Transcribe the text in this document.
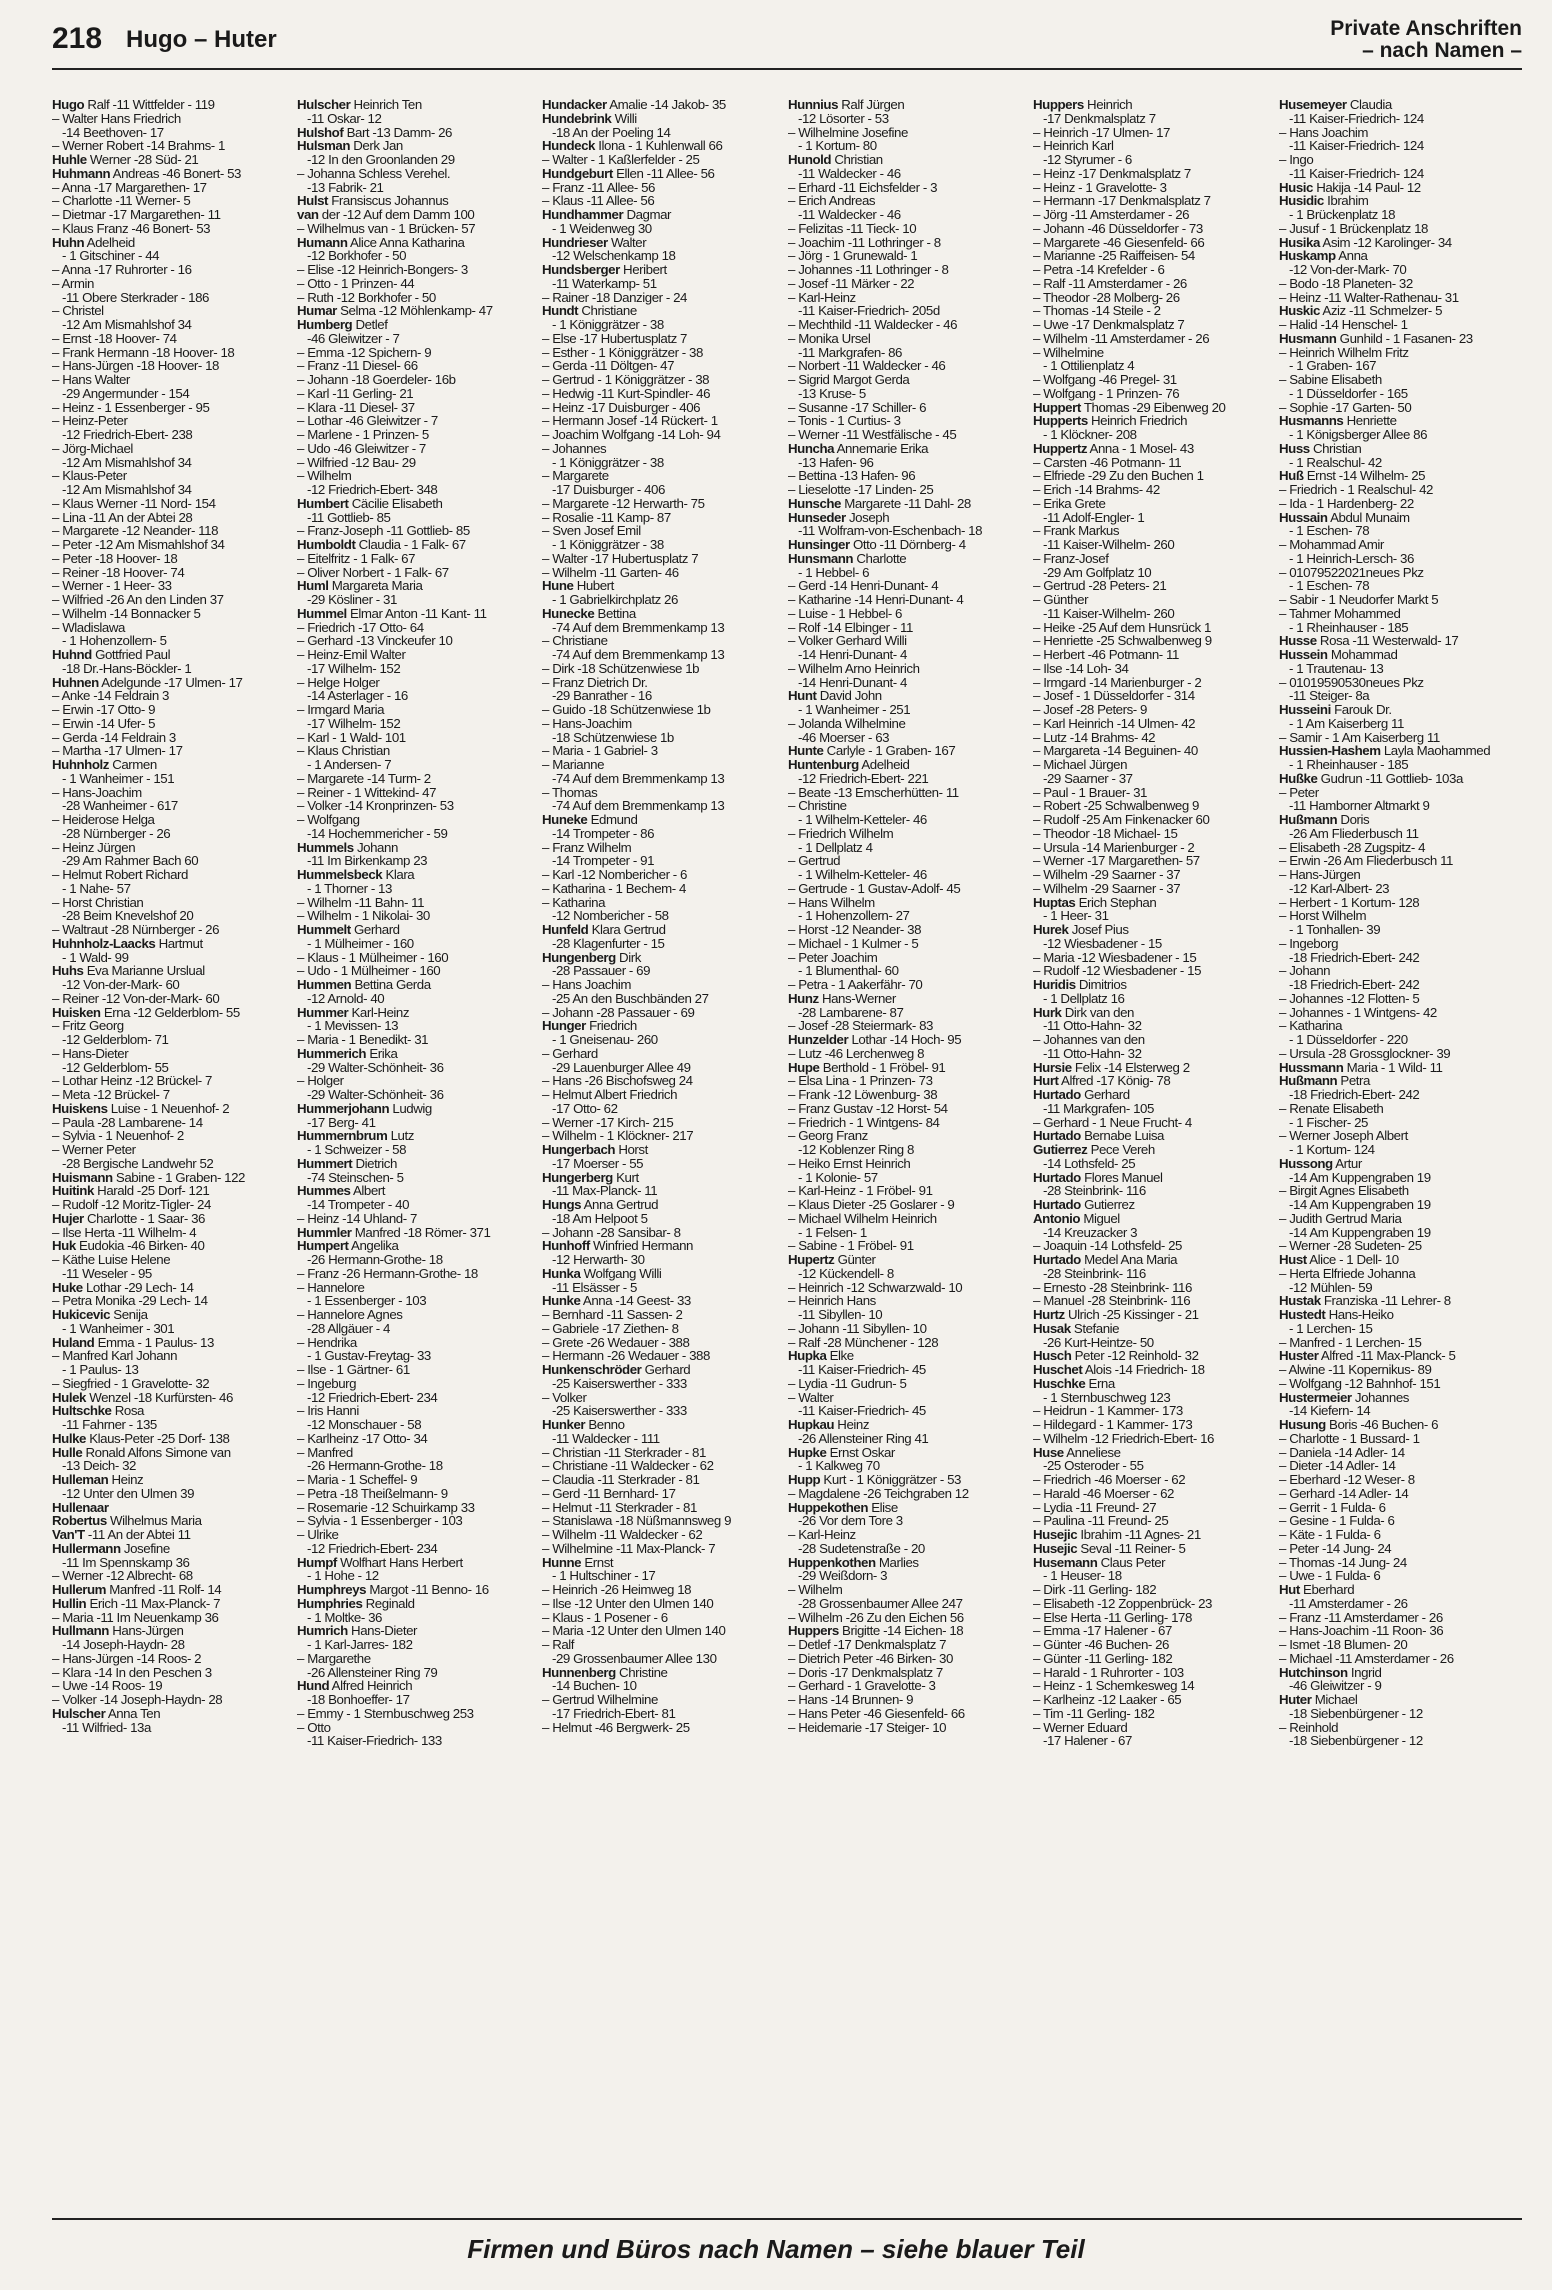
218 Hugo – Huter	Private Anschriften
– nach Namen –
Hugo Ralf -11 Wittfelder - 119
– Walter Hans Friedrich
-14 Beethoven- 17
– Werner Robert -14 Brahms- 1
Huhle Werner -28 Süd- 21
Huhmann Andreas -46 Bonert- 53
– Anna -17 Margarethen- 17
– Charlotte -11 Werner- 5
– Dietmar -17 Margarethen- 11
– Klaus Franz -46 Bonert- 53
Huhn Adelheid
- 1 Gitschiner - 44
– Anna -17 Ruhrorter - 16
– Armin
-11 Obere Sterkrader - 186
– Christel
-12 Am Mismahlshof 34
– Ernst -18 Hoover- 74
– Frank Hermann -18 Hoover- 18
– Hans-Jürgen -18 Hoover- 18
– Hans Walter
-29 Angermunder - 154
– Heinz - 1 Essenberger - 95
– Heinz-Peter
-12 Friedrich-Ebert- 238
– Jörg-Michael
-12 Am Mismahlshof 34
– Klaus-Peter
-12 Am Mismahlshof 34
– Klaus Werner -11 Nord- 154
– Lina -11 An der Abtei 28
– Margarete -12 Neander- 118
– Peter -12 Am Mismahlshof 34
– Peter -18 Hoover- 18
– Reiner -18 Hoover- 74
– Werner - 1 Heer- 33
– Wilfried -26 An den Linden 37
– Wilhelm -14 Bonnacker 5
– Wladislawa
- 1 Hohenzollern- 5
Huhnd Gottfried Paul
-18 Dr.-Hans-Böckler- 1
Huhnen Adelgunde -17 Ulmen- 17
– Anke -14 Feldrain 3
– Erwin -17 Otto- 9
– Erwin -14 Ufer- 5
– Gerda -14 Feldrain 3
– Martha -17 Ulmen- 17
Huhnholz Carmen
- 1 Wanheimer - 151
– Hans-Joachim
-28 Wanheimer - 617
– Heiderose Helga
-28 Nürnberger - 26
– Heinz Jürgen
-29 Am Rahmer Bach 60
– Helmut Robert Richard
- 1 Nahe- 57
– Horst Christian
-28 Beim Knevelshof 20
– Waltraut -28 Nürnberger - 26
Huhnholz-Laacks Hartmut
- 1 Wald- 99
Huhs Eva Marianne Urslual
-12 Von-der-Mark- 60
– Reiner -12 Von-der-Mark- 60
Huisken Erna -12 Gelderblom- 55
– Fritz Georg
-12 Gelderblom- 71
– Hans-Dieter
-12 Gelderblom- 55
– Lothar Heinz -12 Brückel- 7
– Meta -12 Brückel- 7
Huiskens Luise - 1 Neuenhof- 2
– Paula -28 Lambarene- 14
– Sylvia - 1 Neuenhof- 2
– Werner Peter
-28 Bergische Landwehr 52
Huismann Sabine - 1 Graben- 122
Huitink Harald -25 Dorf- 121
– Rudolf -12 Moritz-Tigler- 24
Hujer Charlotte - 1 Saar- 36
– Ilse Herta -11 Wilhelm- 4
Huk Eudokia -46 Birken- 40
– Käthe Luise Helene
-11 Weseler - 95
Huke Lothar -29 Lech- 14
– Petra Monika -29 Lech- 14
Hukicevic Senija
- 1 Wanheimer - 301
Huland Emma - 1 Paulus- 13
– Manfred Karl Johann
- 1 Paulus- 13
– Siegfried - 1 Gravelotte- 32
Hulek Wenzel -18 Kurfürsten- 46
Hultschke Rosa
-11 Fahrner - 135
Hulke Klaus-Peter -25 Dorf- 138
Hulle Ronald Alfons Simone van
-13 Deich- 32
Hulleman Heinz
-12 Unter den Ulmen 39
Hullenaar
Robertus Wilhelmus Maria
Van'T -11 An der Abtei 11
Hullermann Josefine
-11 Im Spennskamp 36
– Werner -12 Albrecht- 68
Hullerum Manfred -11 Rolf- 14
Hullin Erich -11 Max-Planck- 7
– Maria -11 Im Neuenkamp 36
Hullmann Hans-Jürgen
-14 Joseph-Haydn- 28
– Hans-Jürgen -14 Roos- 2
– Klara -14 In den Peschen 3
– Uwe -14 Roos- 19
– Volker -14 Joseph-Haydn- 28
Hulscher Anna Ten
-11 Wilfried- 13a
Hulscher Heinrich Ten
-11 Oskar- 12
Hulshof Bart -13 Damm- 26
Hulsman Derk Jan
-12 In den Groonlanden 29
– Johanna Schless Verehel.
-13 Fabrik- 21
Hulst Fransiscus Johannus
van der -12 Auf dem Damm 100
– Wilhelmus van - 1 Brücken- 57
Humann Alice Anna Katharina
-12 Borkhofer - 50
– Elise -12 Heinrich-Bongers- 3
– Otto - 1 Prinzen- 44
– Ruth -12 Borkhofer - 50
Humar Selma -12 Möhlenkamp- 47
Humberg Detlef
-46 Gleiwitzer - 7
– Emma -12 Spichern- 9
– Franz -11 Diesel- 66
– Johann -18 Goerdeler- 16b
– Karl -11 Gerling- 21
– Klara -11 Diesel- 37
– Lothar -46 Gleiwitzer - 7
– Marlene - 1 Prinzen- 5
– Udo -46 Gleiwitzer - 7
– Wilfried -12 Bau- 29
– Wilhelm
-12 Friedrich-Ebert- 348
Humbert Cäcilie Elisabeth
-11 Gottlieb- 85
– Franz-Joseph -11 Gottlieb- 85
Humboldt Claudia - 1 Falk- 67
– Eitelfritz - 1 Falk- 67
– Oliver Norbert - 1 Falk- 67
Huml Margareta Maria
-29 Kösliner - 31
Hummel Elmar Anton -11 Kant- 11
– Friedrich -17 Otto- 64
– Gerhard -13 Vinckeufer 10
– Heinz-Emil Walter
-17 Wilhelm- 152
– Helge Holger
-14 Asterlager - 16
– Irmgard Maria
-17 Wilhelm- 152
– Karl - 1 Wald- 101
– Klaus Christian
- 1 Andersen- 7
– Margarete -14 Turm- 2
– Reiner - 1 Wittekind- 47
– Volker -14 Kronprinzen- 53
– Wolfgang
-14 Hochemmericher - 59
Hummels Johann
-11 Im Birkenkamp 23
Hummelsbeck Klara
- 1 Thorner - 13
– Wilhelm -11 Bahn- 11
– Wilhelm - 1 Nikolai- 30
Hummelt Gerhard
- 1 Mülheimer - 160
– Klaus - 1 Mülheimer - 160
– Udo - 1 Mülheimer - 160
Hummen Bettina Gerda
-12 Arnold- 40
Hummer Karl-Heinz
- 1 Mevissen- 13
– Maria - 1 Benedikt- 31
Hummerich Erika
-29 Walter-Schönheit- 36
– Holger
-29 Walter-Schönheit- 36
Hummerjohann Ludwig
-17 Berg- 41
Hummernbrum Lutz
- 1 Schweizer - 58
Hummert Dietrich
-74 Steinschen- 5
Hummes Albert
-14 Trompeter - 40
– Heinz -14 Uhland- 7
Hummler Manfred -18 Römer- 371
Humpert Angelika
-26 Hermann-Grothe- 18
– Franz -26 Hermann-Grothe- 18
– Hannelore
- 1 Essenberger - 103
– Hannelore Agnes
-28 Allgäuer - 4
– Hendrika
- 1 Gustav-Freytag- 33
– Ilse - 1 Gärtner- 61
– Ingeburg
-12 Friedrich-Ebert- 234
– Iris Hanni
-12 Monschauer - 58
– Karlheinz -17 Otto- 34
– Manfred
-26 Hermann-Grothe- 18
– Maria - 1 Scheffel- 9
– Petra -18 Theißelmann- 9
– Rosemarie -12 Schuirkamp 33
– Sylvia - 1 Essenberger - 103
– Ulrike
-12 Friedrich-Ebert- 234
Humpf Wolfhart Hans Herbert
- 1 Hohe - 12
Humphreys Margot -11 Benno- 16
Humphries Reginald
- 1 Moltke- 36
Humrich Hans-Dieter
- 1 Karl-Jarres- 182
– Margarethe
-26 Allensteiner Ring 79
Hund Alfred Heinrich
-18 Bonhoeffer- 17
– Emmy - 1 Sternbuschweg 253
– Otto
-11 Kaiser-Friedrich- 133
Hundacker Amalie -14 Jakob- 35
Hundebrink Willi
-18 An der Poeling 14
Hundeck Ilona - 1 Kuhlenwall 66
– Walter - 1 Kaßlerfelder - 25
Hundgeburt Ellen -11 Allee- 56
– Franz -11 Allee- 56
– Klaus -11 Allee- 56
Hundhammer Dagmar
- 1 Weidenweg 30
Hundrieser Walter
-12 Welschenkamp 18
Hundsberger Heribert
-11 Waterkamp- 51
– Rainer -18 Danziger - 24
Hundt Christiane
- 1 Königgrätzer - 38
– Else -17 Hubertusplatz 7
– Esther - 1 Königgrätzer - 38
– Gerda -11 Döltgen- 47
– Gertrud - 1 Königgrätzer - 38
– Hedwig -11 Kurt-Spindler- 46
– Heinz -17 Duisburger - 406
– Hermann Josef -14 Rückert- 1
– Joachim Wolfgang -14 Loh- 94
– Johannes
- 1 Königgrätzer - 38
– Margarete
-17 Duisburger - 406
– Margarete -12 Herwarth- 75
– Rosalie -11 Kamp- 87
– Sven Josef Emil
- 1 Königgrätzer - 38
– Walter -17 Hubertusplatz 7
– Wilhelm -11 Garten- 46
Hune Hubert
- 1 Gabrielkirchplatz 26
Hunecke Bettina
-74 Auf dem Bremmenkamp 13
– Christiane
-74 Auf dem Bremmenkamp 13
– Dirk -18 Schützenwiese 1b
– Franz Dietrich Dr.
-29 Banrather - 16
– Guido -18 Schützenwiese 1b
– Hans-Joachim
-18 Schützenwiese 1b
– Maria - 1 Gabriel- 3
– Marianne
-74 Auf dem Bremmenkamp 13
– Thomas
-74 Auf dem Bremmenkamp 13
Huneke Edmund
-14 Trompeter - 86
– Franz Wilhelm
-14 Trompeter - 91
– Karl -12 Nombericher - 6
– Katharina - 1 Bechem- 4
– Katharina
-12 Nombericher - 58
Hunfeld Klara Gertrud
-28 Klagenfurter - 15
Hungenberg Dirk
-28 Passauer - 69
– Hans Joachim
-25 An den Buschbänden 27
– Johann -28 Passauer - 69
Hunger Friedrich
- 1 Gneisenau- 260
– Gerhard
-29 Lauenburger Allee 49
– Hans -26 Bischofsweg 24
– Helmut Albert Friedrich
-17 Otto- 62
– Werner -17 Kirch- 215
– Wilhelm - 1 Klöckner- 217
Hungerbach Horst
-17 Moerser - 55
Hungerberg Kurt
-11 Max-Planck- 11
Hungs Anna Gertrud
-18 Am Helpoot 5
– Johann -28 Sansibar- 8
Hunhoff Winfried Hermann
-12 Herwarth- 30
Hunka Wolfgang Willi
-11 Elsässer - 5
Hunke Anna -14 Geest- 33
– Bernhard -11 Sassen- 2
– Gabriele -17 Ziethen- 8
– Grete -26 Wedauer - 388
– Hermann -26 Wedauer - 388
Hunkenschröder Gerhard
-25 Kaiserswerther - 333
– Volker
-25 Kaiserswerther - 333
Hunker Benno
-11 Waldecker - 111
– Christian -11 Sterkrader - 81
– Christiane -11 Waldecker - 62
– Claudia -11 Sterkrader - 81
– Gerd -11 Bernhard- 17
– Helmut -11 Sterkrader - 81
– Stanislawa -18 Nüßmannsweg 9
– Wilhelm -11 Waldecker - 62
– Wilhelmine -11 Max-Planck- 7
Hunne Ernst
- 1 Hultschiner - 17
– Heinrich -26 Heimweg 18
– Ilse -12 Unter den Ulmen 140
– Klaus - 1 Posener - 6
– Maria -12 Unter den Ulmen 140
– Ralf
-29 Grossenbaumer Allee 130
Hunnenberg Christine
-14 Buchen- 10
– Gertrud Wilhelmine
-17 Friedrich-Ebert- 81
– Helmut -46 Bergwerk- 25
Hunnius Ralf Jürgen
-12 Lösorter - 53
– Wilhelmine Josefine
- 1 Kortum- 80
Hunold Christian
-11 Waldecker - 46
– Erhard -11 Eichsfelder - 3
– Erich Andreas
-11 Waldecker - 46
– Felizitas -11 Tieck- 10
– Joachim -11 Lothringer - 8
– Jörg - 1 Grunewald- 1
– Johannes -11 Lothringer - 8
– Josef -11 Märker - 22
– Karl-Heinz
-11 Kaiser-Friedrich- 205d
– Mechthild -11 Waldecker - 46
– Monika Ursel
-11 Markgrafen- 86
– Norbert -11 Waldecker - 46
– Sigrid Margot Gerda
-13 Kruse- 5
– Susanne -17 Schiller- 6
– Tonis - 1 Curtius- 3
– Werner -11 Westfälische - 45
Huncha Annemarie Erika
-13 Hafen- 96
– Bettina -13 Hafen- 96
– Lieselotte -17 Linden- 25
Hunsche Margarete -11 Dahl- 28
Hunseder Joseph
-11 Wolfram-von-Eschenbach- 18
Hunsinger Otto -11 Dörnberg- 4
Hunsmann Charlotte
- 1 Hebbel- 6
– Gerd -14 Henri-Dunant- 4
– Katharine -14 Henri-Dunant- 4
– Luise - 1 Hebbel- 6
– Rolf -14 Elbinger - 11
– Volker Gerhard Willi
-14 Henri-Dunant- 4
– Wilhelm Arno Heinrich
-14 Henri-Dunant- 4
Hunt David John
- 1 Wanheimer - 251
– Jolanda Wilhelmine
-46 Moerser - 63
Hunte Carlyle - 1 Graben- 167
Huntenburg Adelheid
-12 Friedrich-Ebert- 221
– Beate -13 Emscherhütten- 11
– Christine
- 1 Wilhelm-Ketteler- 46
– Friedrich Wilhelm
- 1 Dellplatz 4
– Gertrud
- 1 Wilhelm-Ketteler- 46
– Gertrude - 1 Gustav-Adolf- 45
– Hans Wilhelm
- 1 Hohenzollern- 27
– Horst -12 Neander- 38
– Michael - 1 Kulmer - 5
– Peter Joachim
- 1 Blumenthal- 60
– Petra - 1 Aakerfähr- 70
Hunz Hans-Werner
-28 Lambarene- 87
– Josef -28 Steiermark- 83
Hunzelder Lothar -14 Hoch- 95
– Lutz -46 Lerchenweg 8
Hupe Berthold - 1 Fröbel- 91
– Elsa Lina - 1 Prinzen- 73
– Frank -12 Löwenburg- 38
– Franz Gustav -12 Horst- 54
– Friedrich - 1 Wintgens- 84
– Georg Franz
-12 Koblenzer Ring 8
– Heiko Ernst Heinrich
- 1 Kolonie- 57
– Karl-Heinz - 1 Fröbel- 91
– Klaus Dieter -25 Goslarer - 9
– Michael Wilhelm Heinrich
- 1 Felsen- 1
– Sabine - 1 Fröbel- 91
Hupertz Günter
-12 Kückendell- 8
– Heinrich -12 Schwarzwald- 10
– Heinrich Hans
-11 Sibyllen- 10
– Johann -11 Sibyllen- 10
– Ralf -28 Münchener - 128
Hupka Elke
-11 Kaiser-Friedrich- 45
– Lydia -11 Gudrun- 5
– Walter
-11 Kaiser-Friedrich- 45
Hupkau Heinz
-26 Allensteiner Ring 41
Hupke Ernst Oskar
- 1 Kalkweg 70
Hupp Kurt - 1 Königgrätzer - 53
– Magdalene -26 Teichgraben 12
Huppekothen Elise
-26 Vor dem Tore 3
– Karl-Heinz
-28 Sudetenstraße - 20
Huppenkothen Marlies
-29 Weißdorn- 3
– Wilhelm
-28 Grossenbaumer Allee 247
– Wilhelm -26 Zu den Eichen 56
Huppers Brigitte -14 Eichen- 18
– Detlef -17 Denkmalsplatz 7
– Dietrich Peter -46 Birken- 30
– Doris -17 Denkmalsplatz 7
– Gerhard - 1 Gravelotte- 3
– Hans -14 Brunnen- 9
– Hans Peter -46 Giesenfeld- 66
– Heidemarie -17 Steiger- 10
Huppers Heinrich
-17 Denkmalsplatz 7
– Heinrich -17 Ulmen- 17
– Heinrich Karl
-12 Styrumer - 6
– Heinz -17 Denkmalsplatz 7
– Heinz - 1 Gravelotte- 3
– Hermann -17 Denkmalsplatz 7
– Jörg -11 Amsterdamer - 26
– Johann -46 Düsseldorfer - 73
– Margarete -46 Giesenfeld- 66
– Marianne -25 Raiffeisen- 54
– Petra -14 Krefelder - 6
– Ralf -11 Amsterdamer - 26
– Theodor -28 Molberg- 26
– Thomas -14 Steile - 2
– Uwe -17 Denkmalsplatz 7
– Wilhelm -11 Amsterdamer - 26
– Wilhelmine
- 1 Ottilienplatz 4
– Wolfgang -46 Pregel- 31
– Wolfgang - 1 Prinzen- 76
Huppert Thomas -29 Eibenweg 20
Hupperts Heinrich Friedrich
- 1 Klöckner- 208
Huppertz Anna - 1 Mosel- 43
– Carsten -46 Potmann- 11
– Elfriede -29 Zu den Buchen 1
– Erich -14 Brahms- 42
– Erika Grete
-11 Adolf-Engler- 1
– Frank Markus
-11 Kaiser-Wilhelm- 260
– Franz-Josef
-29 Am Golfplatz 10
– Gertrud -28 Peters- 21
– Günther
-11 Kaiser-Wilhelm- 260
– Heike -25 Auf dem Hunsrück 1
– Henriette -25 Schwalbenweg 9
– Herbert -46 Potmann- 11
– Ilse -14 Loh- 34
– Irmgard -14 Marienburger - 2
– Josef - 1 Düsseldorfer - 314
– Josef -28 Peters- 9
– Karl Heinrich -14 Ulmen- 42
– Lutz -14 Brahms- 42
– Margareta -14 Beguinen- 40
– Michael Jürgen
-29 Saarner - 37
– Paul - 1 Brauer- 31
– Robert -25 Schwalbenweg 9
– Rudolf -25 Am Finkenacker 60
– Theodor -18 Michael- 15
– Ursula -14 Marienburger - 2
– Werner -17 Margarethen- 57
– Wilhelm -29 Saarner - 37
– Wilhelm -29 Saarner - 37
Huptas Erich Stephan
- 1 Heer- 31
Hurek Josef Pius
-12 Wiesbadener - 15
– Maria -12 Wiesbadener - 15
– Rudolf -12 Wiesbadener - 15
Huridis Dimitrios
- 1 Dellplatz 16
Hurk Dirk van den
-11 Otto-Hahn- 32
– Johannes van den
-11 Otto-Hahn- 32
Hursie Felix -14 Elsterweg 2
Hurt Alfred -17 König- 78
Hurtado Gerhard
-11 Markgrafen- 105
– Gerhard - 1 Neue Frucht- 4
Hurtado Bernabe Luisa
Gutierrez Pece Vereh
-14 Lothsfeld- 25
Hurtado Flores Manuel
-28 Steinbrink- 116
Hurtado Gutierrez
Antonio Miguel
-14 Kreuzacker 3
– Joaquin -14 Lothsfeld- 25
Hurtado Medel Ana Maria
-28 Steinbrink- 116
– Ernesto -28 Steinbrink- 116
– Manuel -28 Steinbrink- 116
Hurtz Ulrich -25 Kissinger - 21
Husak Stefanie
-26 Kurt-Heintze- 50
Husch Peter -12 Reinhold- 32
Huschet Alois -14 Friedrich- 18
Huschke Erna
- 1 Sternbuschweg 123
– Heidrun - 1 Kammer- 173
– Hildegard - 1 Kammer- 173
– Wilhelm -12 Friedrich-Ebert- 16
Huse Anneliese
-25 Osteroder - 55
– Friedrich -46 Moerser - 62
– Harald -46 Moerser - 62
– Lydia -11 Freund- 27
– Paulina -11 Freund- 25
Husejic Ibrahim -11 Agnes- 21
Husejic Seval -11 Reiner- 5
Husemann Claus Peter
- 1 Heuser- 18
– Dirk -11 Gerling- 182
– Elisabeth -12 Zoppenbrück- 23
– Else Herta -11 Gerling- 178
– Emma -17 Halener - 67
– Günter -46 Buchen- 26
– Günter -11 Gerling- 182
– Harald - 1 Ruhrorter - 103
– Heinz - 1 Schemkesweg 14
– Karlheinz -12 Laaker - 65
– Tim -11 Gerling- 182
– Werner Eduard
-17 Halener - 67
Husemeyer Claudia
-11 Kaiser-Friedrich- 124
– Hans Joachim
-11 Kaiser-Friedrich- 124
– Ingo
-11 Kaiser-Friedrich- 124
Husic Hakija -14 Paul- 12
Husidic Ibrahim
- 1 Brückenplatz 18
– Jusuf - 1 Brückenplatz 18
Husika Asim -12 Karolinger- 34
Huskamp Anna
-12 Von-der-Mark- 70
– Bodo -18 Planeten- 32
– Heinz -11 Walter-Rathenau- 31
Huskic Aziz -11 Schmelzer- 5
– Halid -14 Henschel- 1
Husmann Gunhild - 1 Fasanen- 23
– Heinrich Wilhelm Fritz
- 1 Graben- 167
– Sabine Elisabeth
- 1 Düsseldorfer - 165
– Sophie -17 Garten- 50
Husmanns Henriette
- 1 Königsberger Allee 86
Huss Christian
- 1 Realschul- 42
Huß Ernst -14 Wilhelm- 25
– Friedrich - 1 Realschul- 42
– Ida - 1 Hardenberg- 22
Hussain Abdul Munaim
- 1 Eschen- 78
– Mohammad Amir
- 1 Heinrich-Lersch- 36
– 01079522021neues Pkz
- 1 Eschen- 78
– Sabir - 1 Neudorfer Markt 5
– Tahmer Mohammed
- 1 Rheinhauser - 185
Husse Rosa -11 Westerwald- 17
Hussein Mohammad
- 1 Trautenau- 13
– 01019590530neues Pkz
-11 Steiger- 8a
Husseini Farouk Dr.
- 1 Am Kaiserberg 11
– Samir - 1 Am Kaiserberg 11
Hussien-Hashem Layla Maohammed
- 1 Rheinhauser - 185
Hußke Gudrun -11 Gottlieb- 103a
– Peter
-11 Hamborner Altmarkt 9
Hußmann Doris
-26 Am Fliederbusch 11
– Elisabeth -28 Zugspitz- 4
– Erwin -26 Am Fliederbusch 11
– Hans-Jürgen
-12 Karl-Albert- 23
– Herbert - 1 Kortum- 128
– Horst Wilhelm
- 1 Tonhallen- 39
– Ingeborg
-18 Friedrich-Ebert- 242
– Johann
-18 Friedrich-Ebert- 242
– Johannes -12 Flotten- 5
– Johannes - 1 Wintgens- 42
– Katharina
- 1 Düsseldorfer - 220
– Ursula -28 Grossglockner- 39
Hussmann Maria - 1 Wild- 11
Hußmann Petra
-18 Friedrich-Ebert- 242
– Renate Elisabeth
- 1 Fischer- 25
– Werner Joseph Albert
- 1 Kortum- 124
Hussong Artur
-14 Am Kuppengraben 19
– Birgit Agnes Elisabeth
-14 Am Kuppengraben 19
– Judith Gertrud Maria
-14 Am Kuppengraben 19
– Werner -28 Sudeten- 25
Hust Alice - 1 Dell- 10
– Herta Elfriede Johanna
-12 Mühlen- 59
Hustak Franziska -11 Lehrer- 8
Hustedt Hans-Heiko
- 1 Lerchen- 15
– Manfred - 1 Lerchen- 15
Huster Alfred -11 Max-Planck- 5
– Alwine -11 Kopernikus- 89
– Wolfgang -12 Bahnhof- 151
Hustermeier Johannes
-14 Kiefern- 14
Husung Boris -46 Buchen- 6
– Charlotte - 1 Bussard- 1
– Daniela -14 Adler- 14
– Dieter -14 Adler- 14
– Eberhard -12 Weser- 8
– Gerhard -14 Adler- 14
– Gerrit - 1 Fulda- 6
– Gesine - 1 Fulda- 6
– Käte - 1 Fulda- 6
– Peter -14 Jung- 24
– Thomas -14 Jung- 24
– Uwe - 1 Fulda- 6
Hut Eberhard
-11 Amsterdamer - 26
– Franz -11 Amsterdamer - 26
– Hans-Joachim -11 Roon- 36
– Ismet -18 Blumen- 20
– Michael -11 Amsterdamer - 26
Hutchinson Ingrid
-46 Gleiwitzer - 9
Huter Michael
-18 Siebenbürgener - 12
– Reinhold
-18 Siebenbürgener - 12
Firmen und Büros nach Namen – siehe blauer Teil
